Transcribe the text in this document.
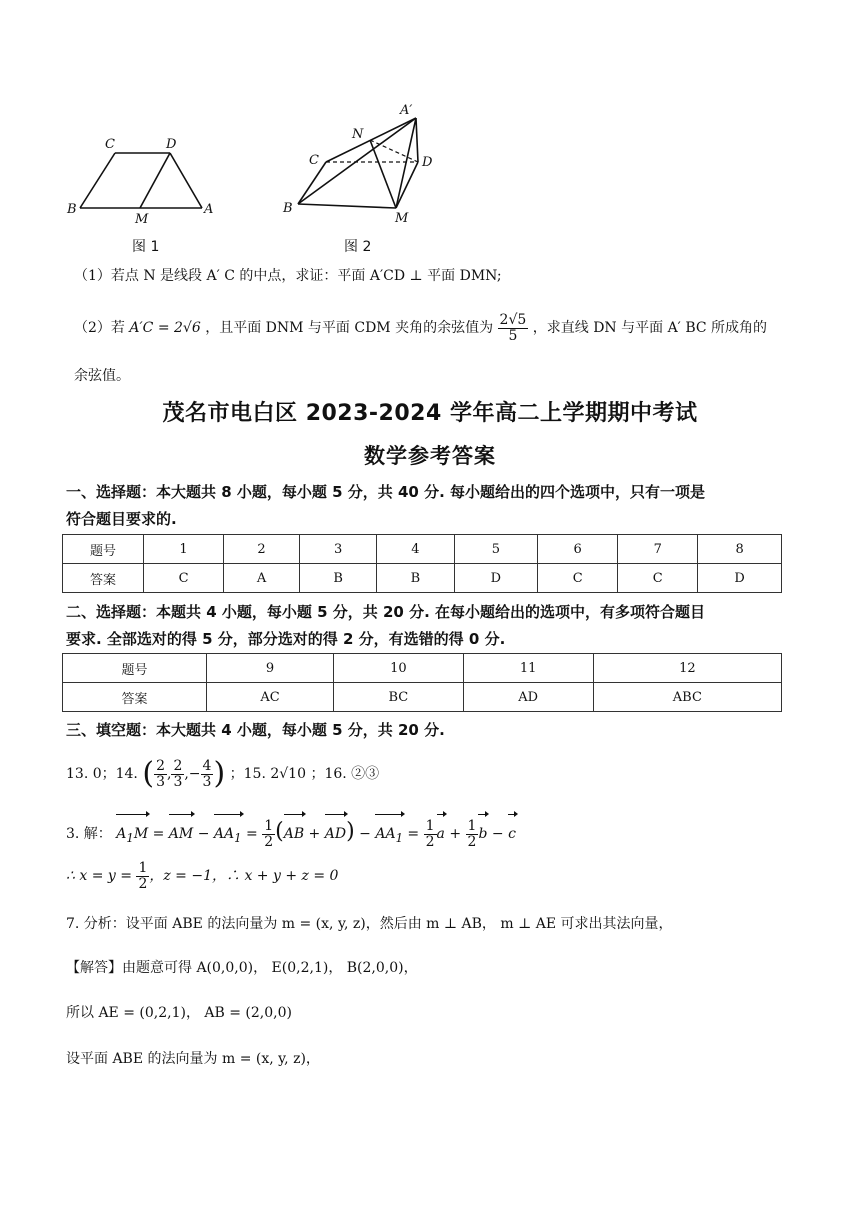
C	D
B
M
A
图 1
A′
N
C	D
B
M
图 2
（1）若点 N 是线段 A′ C 的中点，求证：平面 A′CD ⊥ 平面 DMN;
（2）若 A′C = 2√6 ，且平面 DNM 与平面 CDM 夹角的余弦值为 $\frac{2√5}{5}$ ，求直线 DN 与平面 A′ BC 所成角的
余弦值。
茂名市电白区 2023-2024 学年高二上学期期中考试
数学参考答案
一、选择题：本大题共 8 小题，每小题 5 分，共 40 分. 每小题给出的四个选项中，只有一项是
符合题目要求的.
题号	1	2	3	4	5	6	7	8
答案	C	A	B	B	D	C	C	D
二、选择题：本题共 4 小题，每小题 5 分，共 20 分. 在每小题给出的选项中，有多项符合题目
要求. 全部选对的得 5 分，部分选对的得 2 分，有选错的得 0 分.
题号	9	10	11	12
答案	AC	BC	AD	ABC
三、填空题：本大题共 4 小题，每小题 5 分，共 20 分.
13. 0；14. ( $\frac{2}{3}$ , $\frac{2}{3}$ ,− $\frac{4}{3}$ ) ；15. 2√10 ；16. ②③
3. 解： $A_1M$ = AM − $AA_1 = \frac{1}{2} (AB + AD) - AA_1 = \frac{1}{2}$ $a + \frac{1}{2}$ b − c
∴ $x = y = \frac{1}{2}$ ，z = −1，∴ x + y + z = 0
7. 分析：设平面 ABE 的法向量为 m = (x, y, z)，然后由 m ⊥ AB， m ⊥ AE 可求出其法向量，
【解答】由题意可得 A(0,0,0)， E(0,2,1)， B(2,0,0)，
所以 AE = (0,2,1)， AB = (2,0,0)
设平面 ABE 的法向量为 m = (x, y, z)，
